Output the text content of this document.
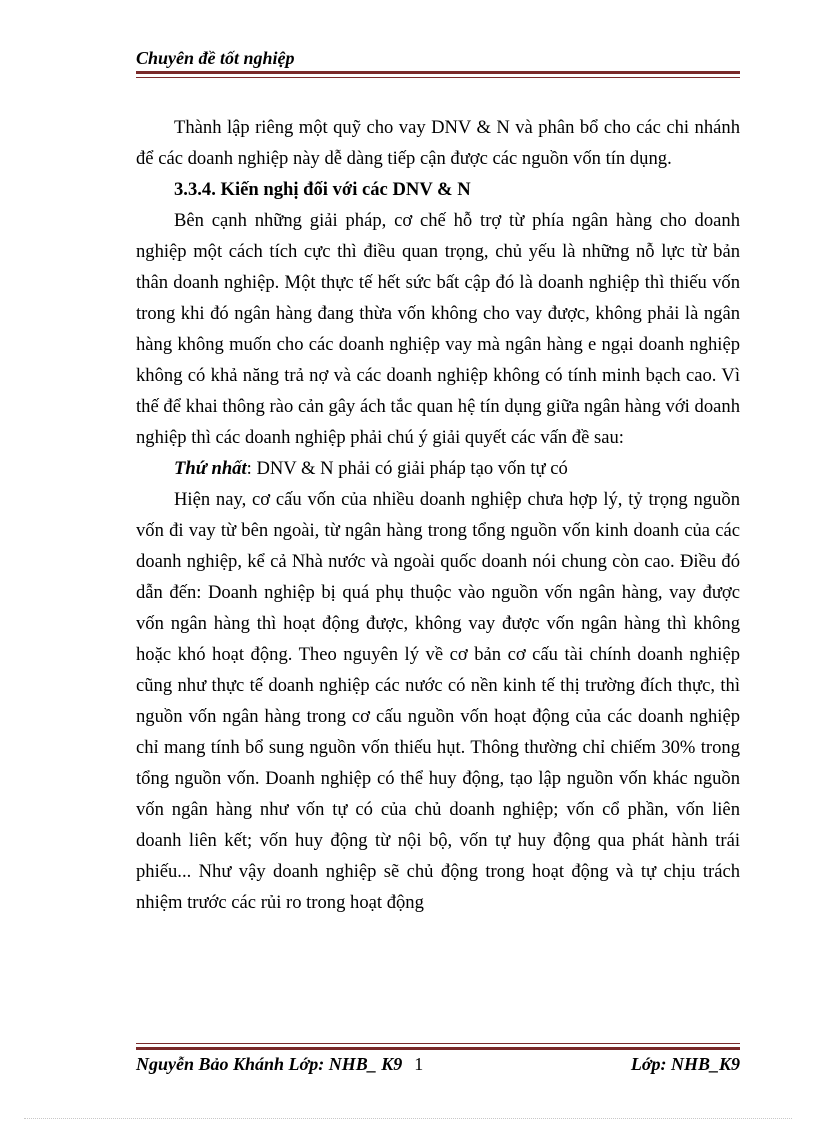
Chuyên đề tốt nghiệp

Thành lập riêng một quỹ cho vay DNV & N và phân bổ cho các chi nhánh để các doanh nghiệp này dễ dàng tiếp cận được các nguồn vốn tín dụng.

3.3.4. Kiến nghị đối với các DNV & N

Bên cạnh những giải pháp, cơ chế hỗ trợ từ phía ngân hàng cho doanh nghiệp một cách tích cực thì điều quan trọng, chủ yếu là những nỗ lực từ bản thân doanh nghiệp. Một thực tế hết sức bất cập đó là doanh nghiệp thì thiếu vốn trong khi đó ngân hàng đang thừa vốn không cho vay được, không phải là ngân hàng không muốn cho các doanh nghiệp vay mà ngân hàng e ngại doanh nghiệp không có khả năng trả nợ và các doanh nghiệp không có tính minh bạch cao. Vì thế để khai thông rào cản gây ách tắc quan hệ tín dụng giữa ngân hàng với doanh nghiệp thì các doanh nghiệp phải chú ý giải quyết các vấn đề sau:

Thứ nhất: DNV & N phải có giải pháp tạo vốn tự có

Hiện nay, cơ cấu vốn của nhiều doanh nghiệp chưa hợp lý, tỷ trọng nguồn vốn đi vay từ bên ngoài, từ ngân hàng trong tổng nguồn vốn kinh doanh của các doanh nghiệp, kể cả Nhà nước và ngoài quốc doanh nói chung còn cao. Điều đó dẫn đến: Doanh nghiệp bị quá phụ thuộc vào nguồn vốn ngân hàng, vay được vốn ngân hàng thì hoạt động được, không vay được vốn ngân hàng thì không hoặc khó hoạt động. Theo nguyên lý về cơ bản cơ cấu tài chính doanh nghiệp cũng như thực tế doanh nghiệp các nước có nền kinh tế thị trường đích thực, thì nguồn vốn ngân hàng trong cơ cấu nguồn vốn hoạt động của các doanh nghiệp chỉ mang tính bổ sung nguồn vốn thiếu hụt. Thông thường chỉ chiếm 30% trong tổng nguồn vốn. Doanh nghiệp có thể huy động, tạo lập nguồn vốn khác nguồn vốn ngân hàng như vốn tự có của chủ doanh nghiệp; vốn cổ phần, vốn liên doanh liên kết; vốn huy động từ nội bộ, vốn tự huy động qua phát hành trái phiếu... Như vậy doanh nghiệp sẽ chủ động trong hoạt động và tự chịu trách nhiệm trước các rủi ro trong hoạt động

Nguyễn Bảo Khánh Lớp: NHB_ K9 1	Lớp: NHB_K9
